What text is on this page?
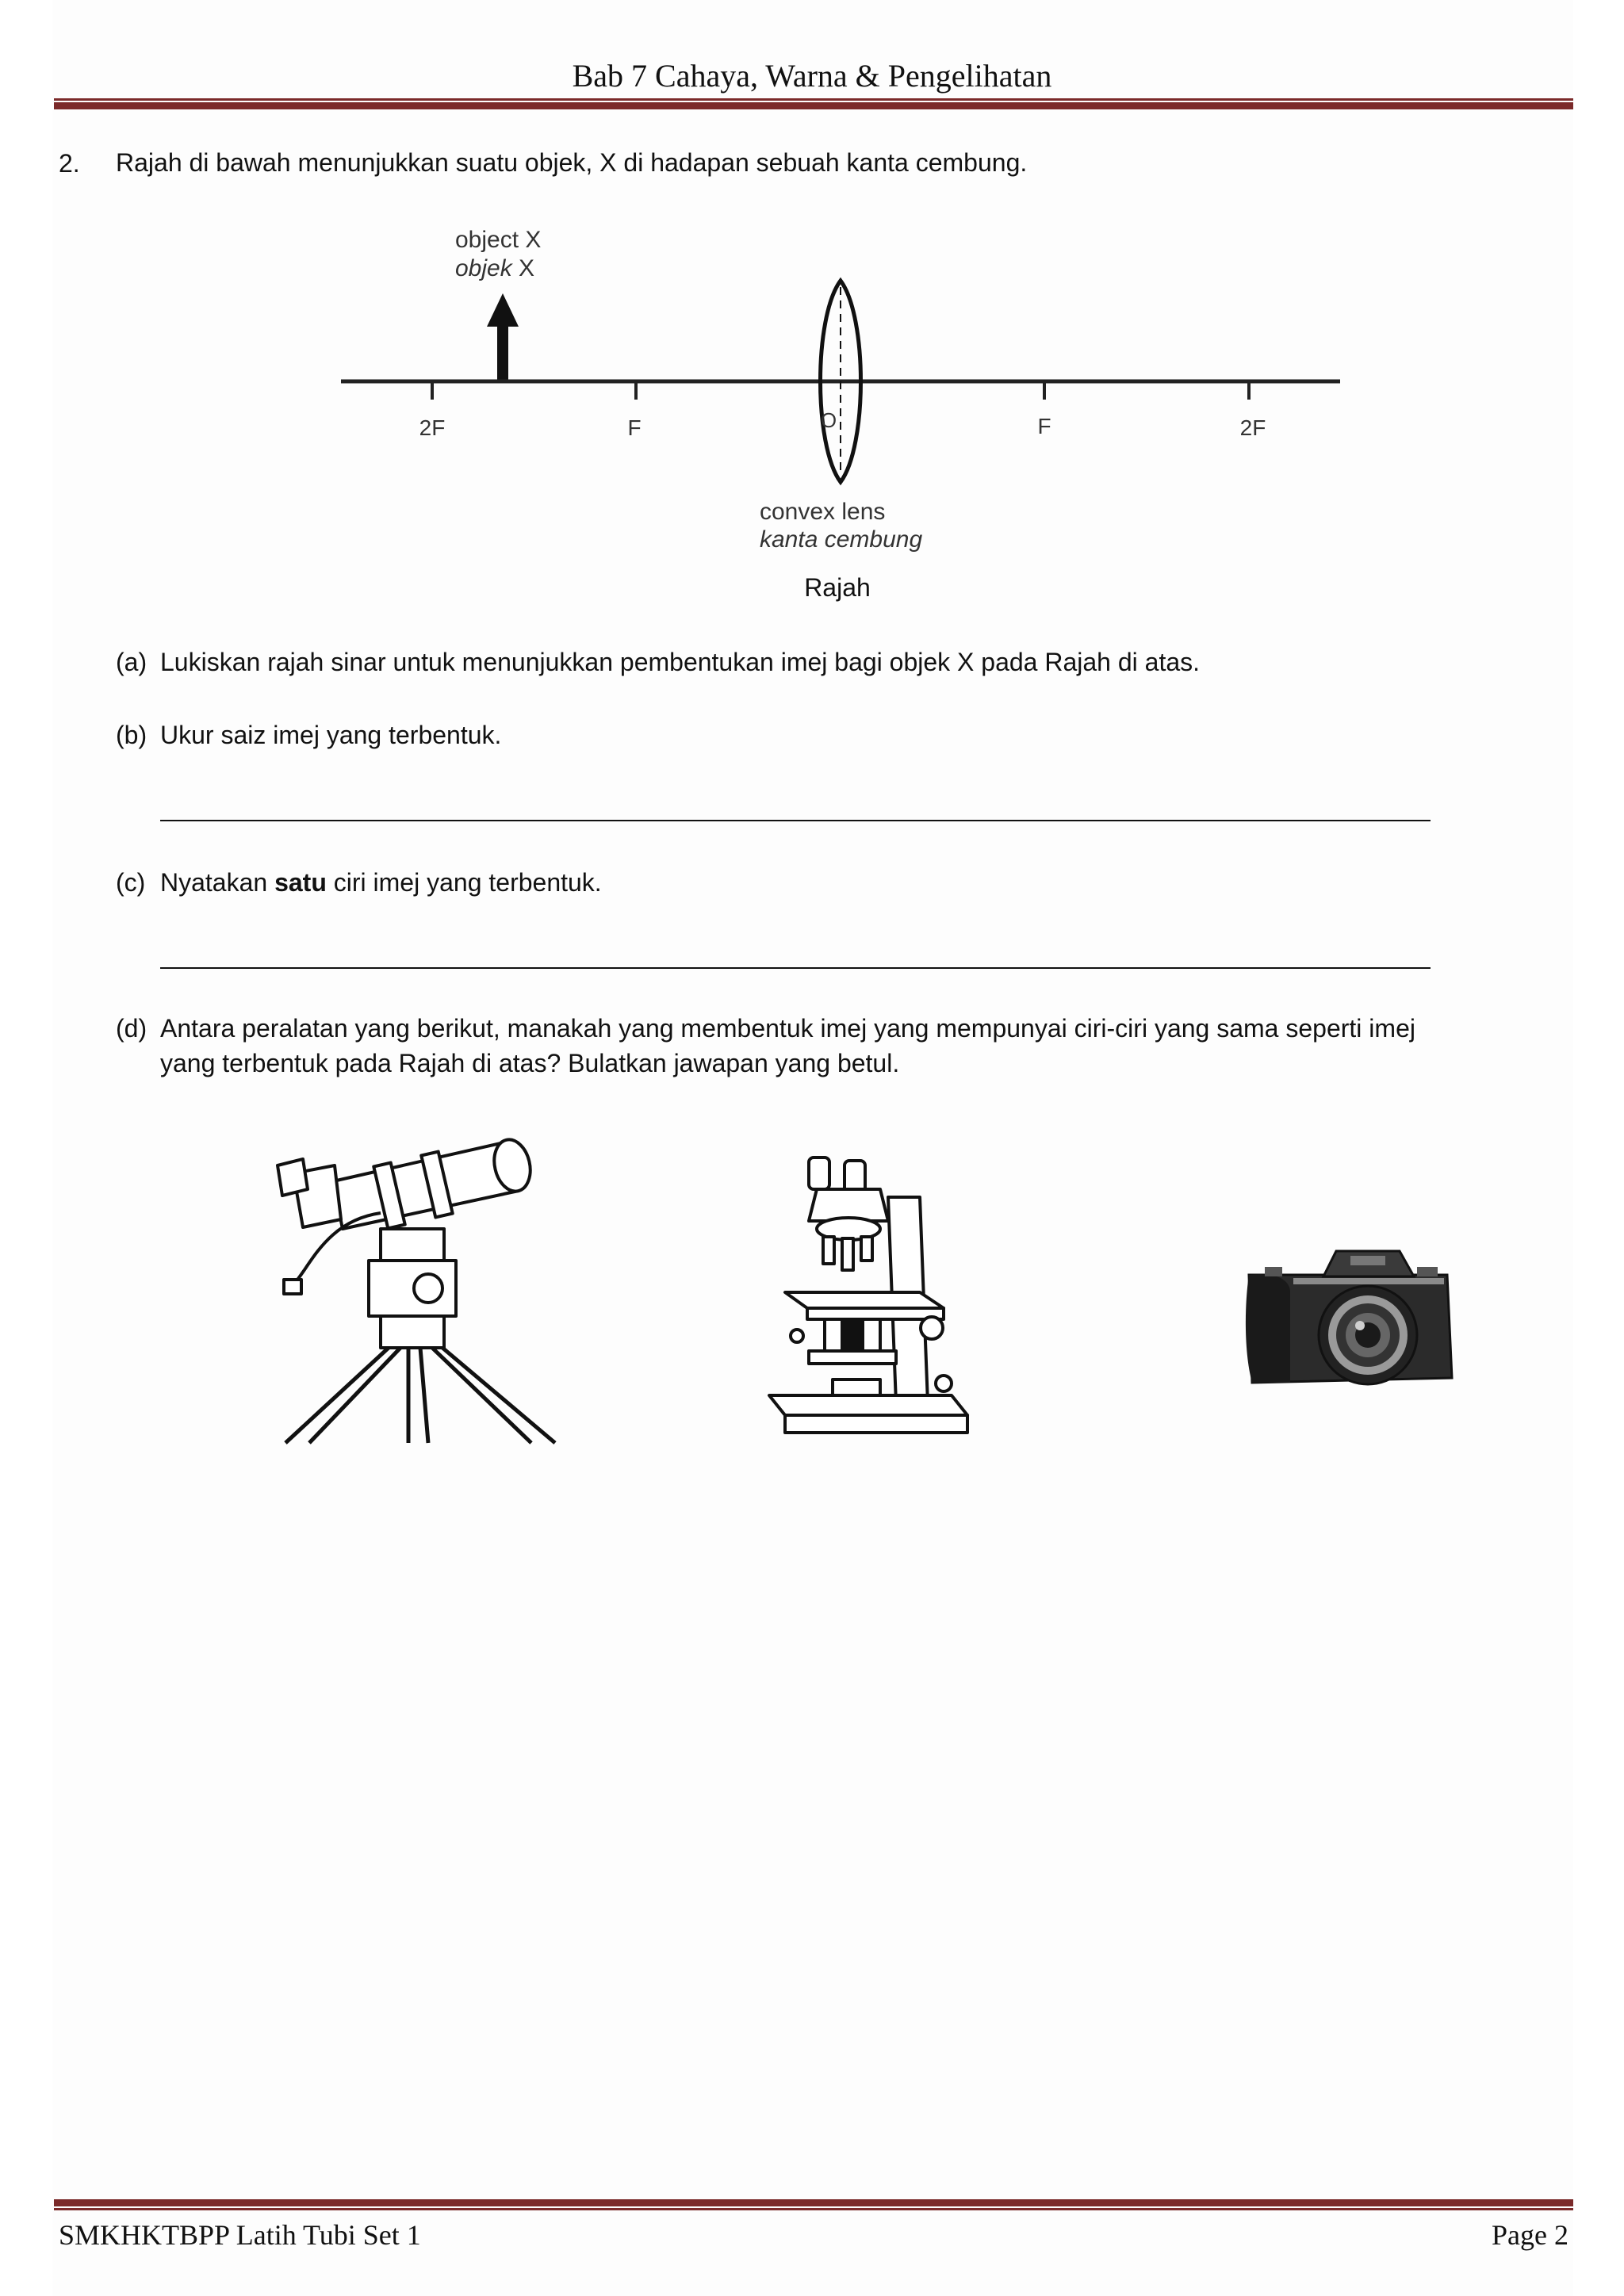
Bab 7 Cahaya, Warna & Pengelihatan
2. Rajah di bawah menunjukkan suatu objek, X di hadapan sebuah kanta cembung.
object X
objek X
2F	F	O	F	2F
convex lens
kanta cembung
Rajah
(a) Lukiskan rajah sinar untuk menunjukkan pembentukan imej bagi objek X pada Rajah di atas.
(b) Ukur saiz imej yang terbentuk.
(c) Nyatakan satu ciri imej yang terbentuk.
(d) Antara peralatan yang berikut, manakah yang membentuk imej yang mempunyai ciri-ciri yang sama seperti imej
yang terbentuk pada Rajah di atas? Bulatkan jawapan yang betul.
SMKHKTBPP Latih Tubi Set 1	Page 2
